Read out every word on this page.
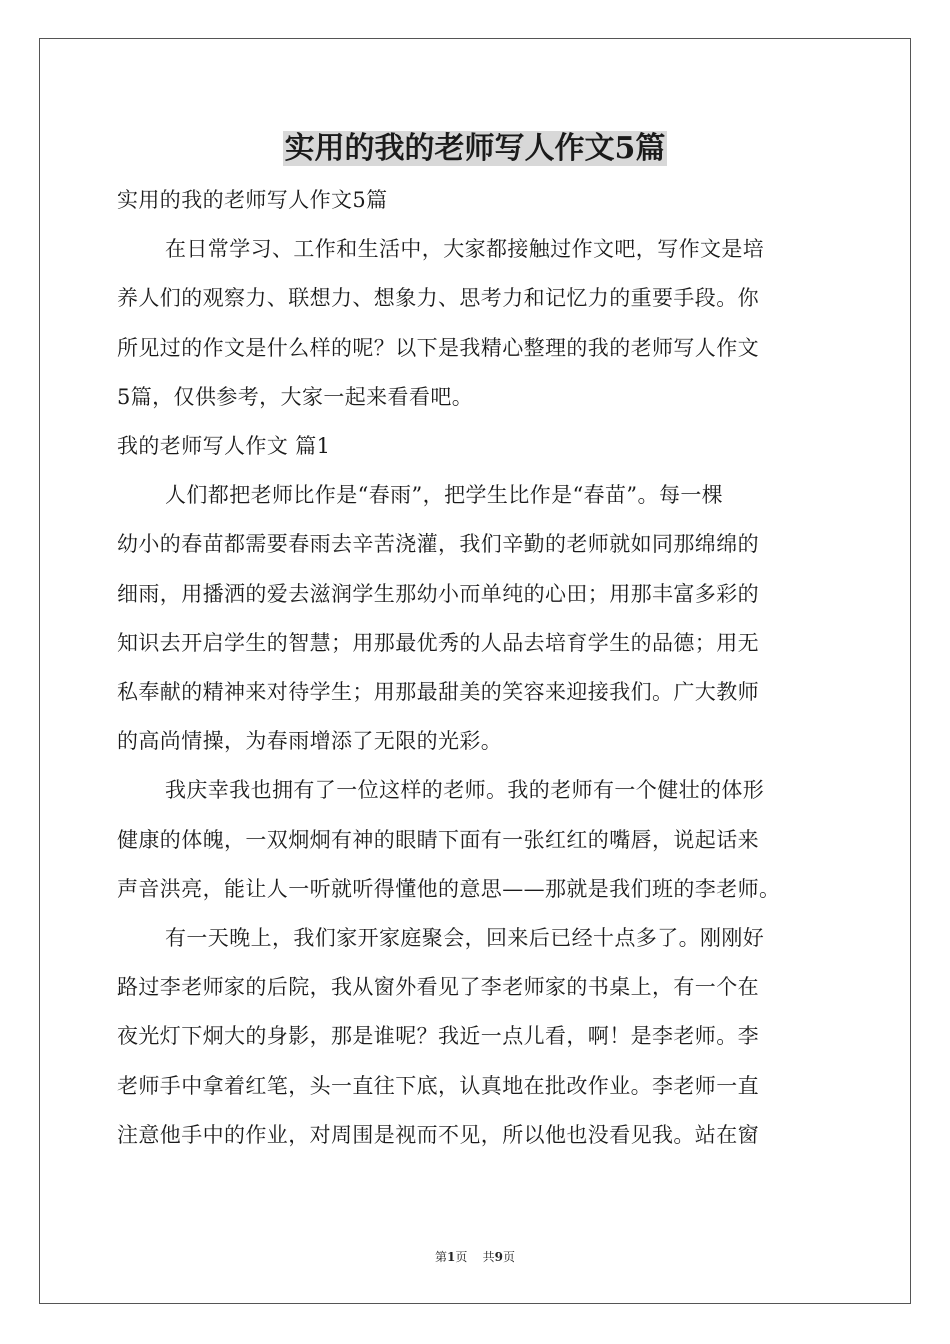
实用的我的老师写人作文5篇

实用的我的老师写人作文5篇

在日常学习、工作和生活中，大家都接触过作文吧，写作文是培

养人们的观察力、联想力、想象力、思考力和记忆力的重要手段。你

所见过的作文是什么样的呢？以下是我精心整理的我的老师写人作文

5篇，仅供参考，大家一起来看看吧。

我的老师写人作文 篇1

人们都把老师比作是“春雨”，把学生比作是“春苗”。每一棵

幼小的春苗都需要春雨去辛苦浇灌，我们辛勤的老师就如同那绵绵的

细雨，用播洒的爱去滋润学生那幼小而单纯的心田；用那丰富多彩的

知识去开启学生的智慧；用那最优秀的人品去培育学生的品德；用无

私奉献的精神来对待学生；用那最甜美的笑容来迎接我们。广大教师

的高尚情操，为春雨增添了无限的光彩。

我庆幸我也拥有了一位这样的老师。我的老师有一个健壮的体形

健康的体魄，一双炯炯有神的眼睛下面有一张红红的嘴唇，说起话来

声音洪亮，能让人一听就听得懂他的意思——那就是我们班的李老师。

有一天晚上，我们家开家庭聚会，回来后已经十点多了。刚刚好

路过李老师家的后院，我从窗外看见了李老师家的书桌上，有一个在

夜光灯下炯大的身影，那是谁呢？我近一点儿看，啊！是李老师。李

老师手中拿着红笔，头一直往下底，认真地在批改作业。李老师一直

注意他手中的作业，对周围是视而不见，所以他也没看见我。站在窗

第1页 共9页
